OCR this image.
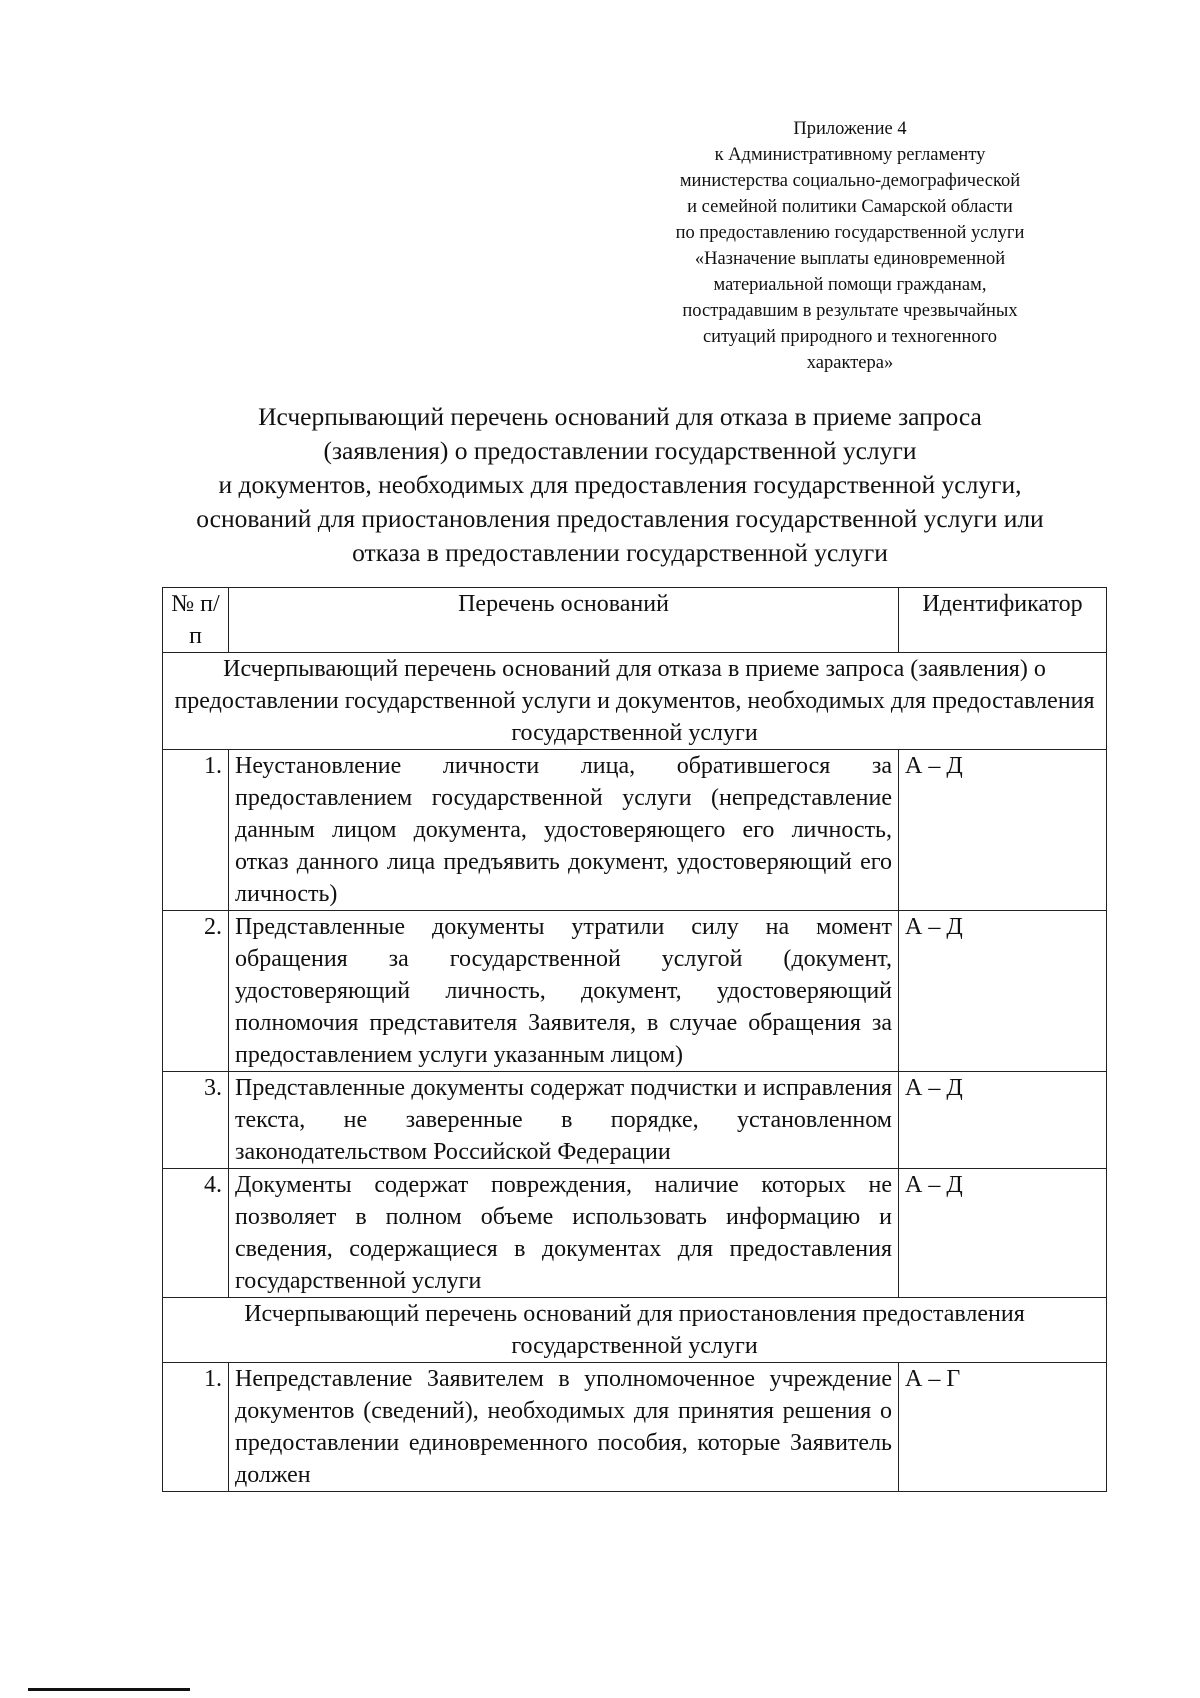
Приложение 4
к Административному регламенту
министерства социально-демографической
и семейной политики Самарской области
по предоставлению государственной услуги
«Назначение выплаты единовременной
материальной помощи гражданам,
пострадавшим в результате чрезвычайных
ситуаций природного и техногенного
характера»
Исчерпывающий перечень оснований для отказа в приеме запроса
(заявления) о предоставлении государственной услуги
и документов, необходимых для предоставления государственной услуги,
оснований для приостановления предоставления государственной услуги или
отказа в предоставлении государственной услуги
№ п/п	Перечень оснований	Идентификатор
Исчерпывающий перечень оснований для отказа в приеме запроса (заявления) о предоставлении государственной услуги и документов, необходимых для предоставления государственной услуги		
1.	Неустановление личности лица, обратившегося за предоставлением государственной услуги (непредставление данным лицом документа, удостоверяющего его личность, отказ данного лица предъявить документ, удостоверяющий его личность)	А – Д
2.	Представленные документы утратили силу на момент обращения за государственной услугой (документ, удостоверяющий личность, документ, удостоверяющий полномочия представителя Заявителя, в случае обращения за предоставлением услуги указанным лицом)	А – Д
3.	Представленные документы содержат подчистки и исправления текста, не заверенные в порядке, установленном законодательством Российской Федерации	А – Д
4.	Документы содержат повреждения, наличие которых не позволяет в полном объеме использовать информацию и сведения, содержащиеся в документах для предоставления государственной услуги	А – Д
Исчерпывающий перечень оснований для приостановления предоставления государственной услуги		
1.	Непредставление Заявителем в уполномоченное учреждение документов (сведений), необходимых для принятия решения о предоставлении единовременного пособия, которые Заявитель должен	А – Г
